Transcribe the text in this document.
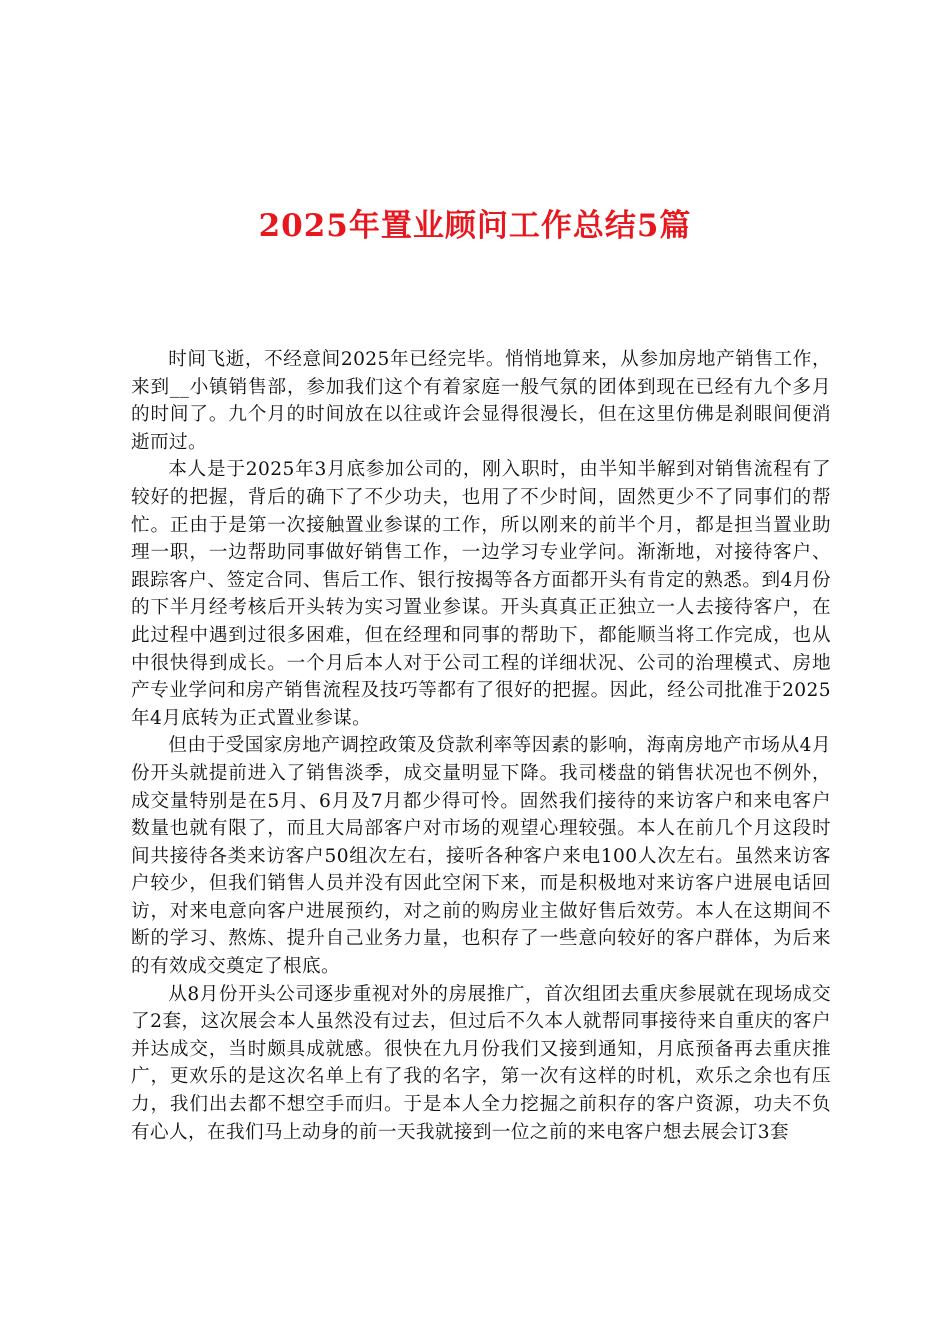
2025年置业顾问工作总结5篇

时间飞逝，不经意间2025年已经完毕。悄悄地算来，从参加房地产销售工作，来到__小镇销售部，参加我们这个有着家庭一般气氛的团体到现在已经有九个多月的时间了。九个月的时间放在以往或许会显得很漫长，但在这里仿佛是刹眼间便消逝而过。

本人是于2025年3月底参加公司的，刚入职时，由半知半解到对销售流程有了较好的把握，背后的确下了不少功夫，也用了不少时间，固然更少不了同事们的帮忙。正由于是第一次接触置业参谋的工作，所以刚来的前半个月，都是担当置业助理一职，一边帮助同事做好销售工作，一边学习专业学问。渐渐地，对接待客户、跟踪客户、签定合同、售后工作、银行按揭等各方面都开头有肯定的熟悉。到4月份的下半月经考核后开头转为实习置业参谋。开头真真正正独立一人去接待客户，在此过程中遇到过很多困难，但在经理和同事的帮助下，都能顺当将工作完成，也从中很快得到成长。一个月后本人对于公司工程的详细状况、公司的治理模式、房地产专业学问和房产销售流程及技巧等都有了很好的把握。因此，经公司批准于2025年4月底转为正式置业参谋。

但由于受国家房地产调控政策及贷款利率等因素的影响，海南房地产市场从4月份开头就提前进入了销售淡季，成交量明显下降。我司楼盘的销售状况也不例外，成交量特别是在5月、6月及7月都少得可怜。固然我们接待的来访客户和来电客户数量也就有限了，而且大局部客户对市场的观望心理较强。本人在前几个月这段时间共接待各类来访客户50组次左右，接听各种客户来电100人次左右。虽然来访客户较少，但我们销售人员并没有因此空闲下来，而是积极地对来访客户进展电话回访，对来电意向客户进展预约，对之前的购房业主做好售后效劳。本人在这期间不断的学习、熬炼、提升自己业务力量，也积存了一些意向较好的客户群体，为后来的有效成交奠定了根底。

从8月份开头公司逐步重视对外的房展推广，首次组团去重庆参展就在现场成交了2套，这次展会本人虽然没有过去，但过后不久本人就帮同事接待来自重庆的客户并达成交，当时颇具成就感。很快在九月份我们又接到通知，月底预备再去重庆推广，更欢乐的是这次名单上有了我的名字，第一次有这样的时机，欢乐之余也有压力，我们出去都不想空手而归。于是本人全力挖掘之前积存的客户资源，功夫不负有心人，在我们马上动身的前一天我就接到一位之前的来电客户想去展会订3套
